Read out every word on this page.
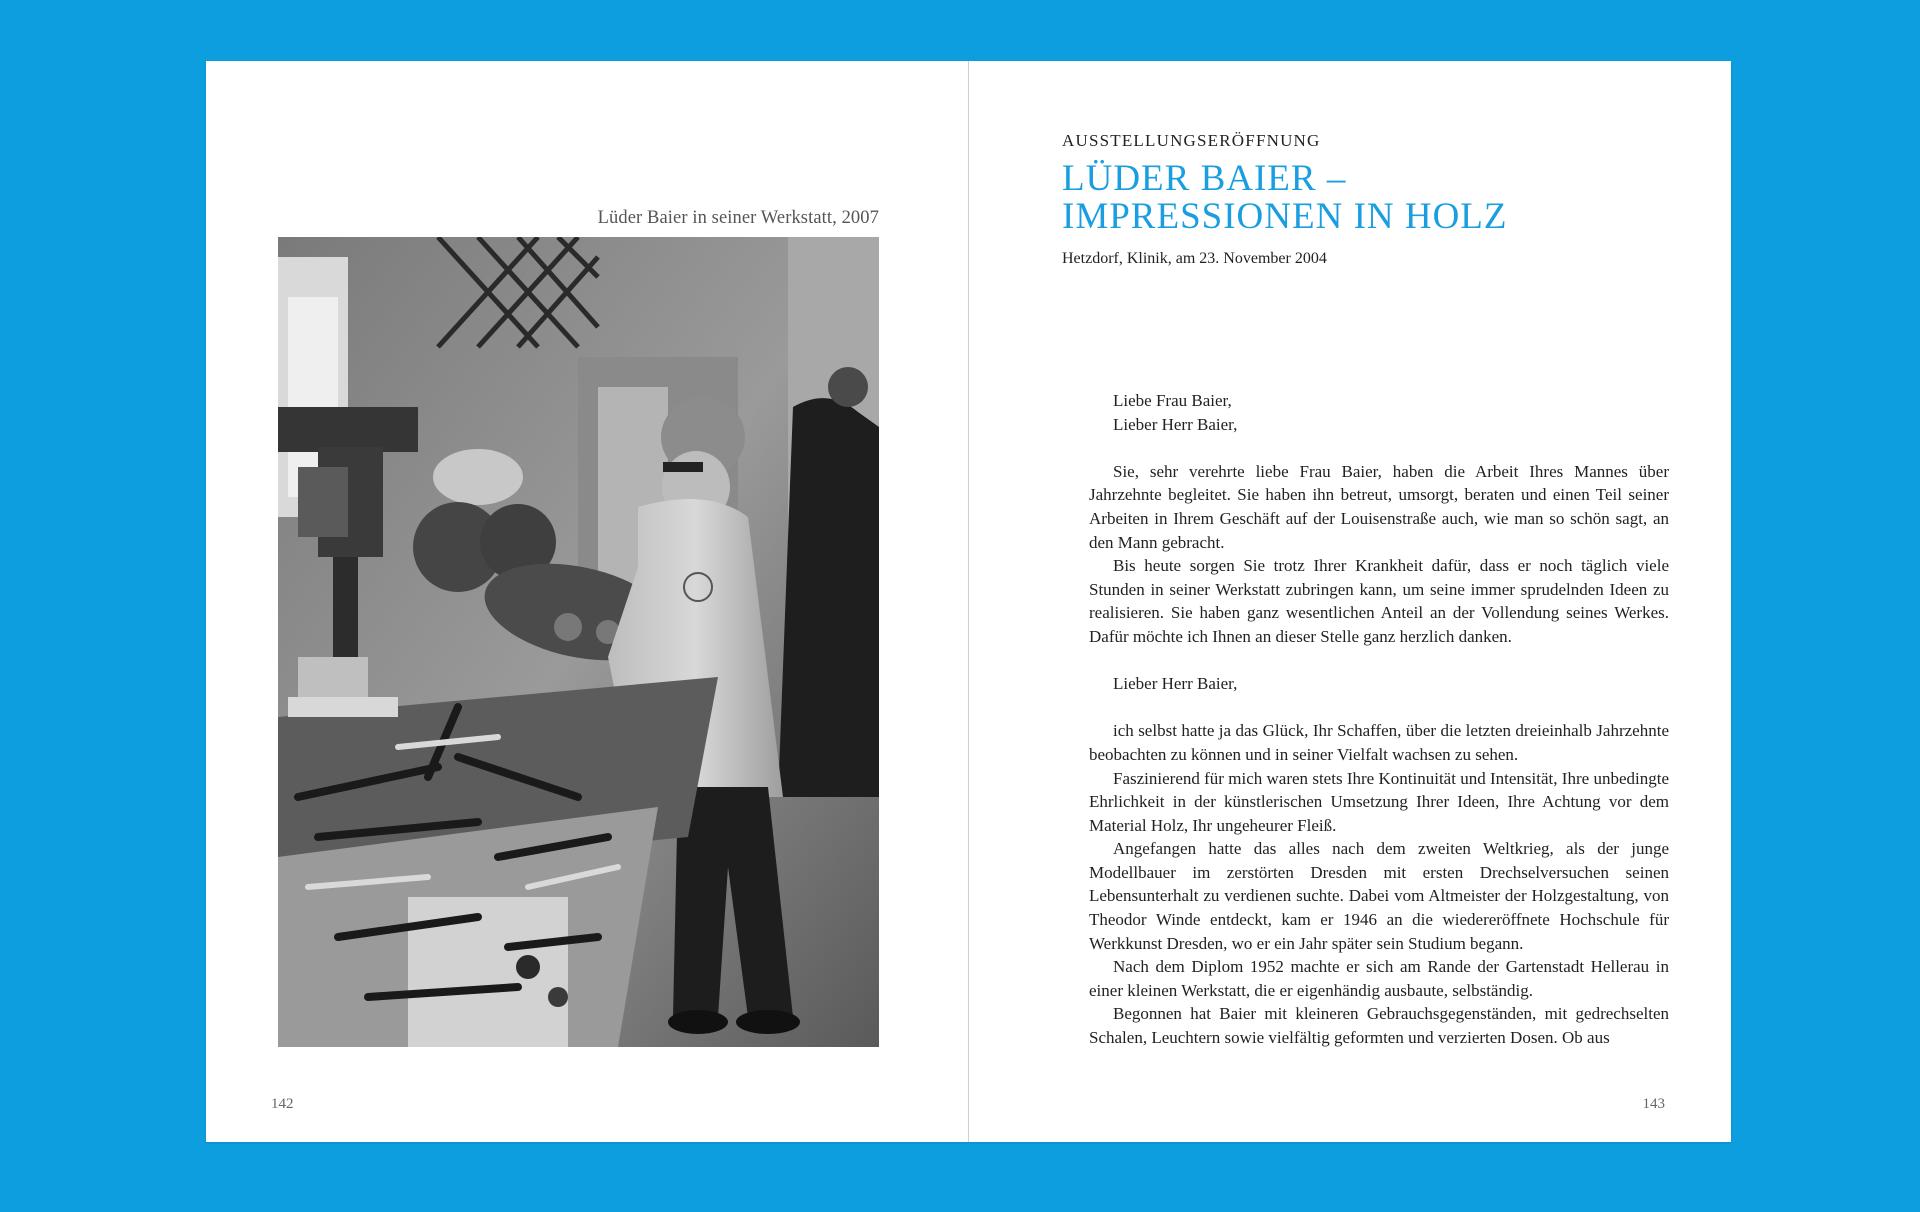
Lüder Baier in seiner Werkstatt, 2007
142
AUSSTELLUNGSERÖFFNUNG
LÜDER BAIER –
IMPRESSIONEN IN HOLZ
Hetzdorf, Klinik, am 23. November 2004

Liebe Frau Baier,

Lieber Herr Baier,

Sie, sehr verehrte liebe Frau Baier, haben die Arbeit Ihres Mannes über Jahrzehnte begleitet. Sie haben ihn betreut, umsorgt, beraten und einen Teil seiner Arbeiten in Ihrem Geschäft auf der Louisenstraße auch, wie man so schön sagt, an den Mann gebracht.

Bis heute sorgen Sie trotz Ihrer Krankheit dafür, dass er noch täglich viele Stunden in seiner Werkstatt zubringen kann, um seine immer sprudelnden Ideen zu realisieren. Sie haben ganz wesentlichen Anteil an der Vollendung seines Werkes. Dafür möchte ich Ihnen an dieser Stelle ganz herzlich danken.

Lieber Herr Baier,

ich selbst hatte ja das Glück, Ihr Schaffen, über die letzten dreieinhalb Jahrzehnte beobachten zu können und in seiner Vielfalt wachsen zu sehen.

Faszinierend für mich waren stets Ihre Kontinuität und Intensität, Ihre unbedingte Ehrlichkeit in der künstlerischen Umsetzung Ihrer Ideen, Ihre Achtung vor dem Material Holz, Ihr ungeheurer Fleiß.

Angefangen hatte das alles nach dem zweiten Weltkrieg, als der junge Modellbauer im zerstörten Dresden mit ersten Drechselversuchen seinen Lebensunterhalt zu verdienen suchte. Dabei vom Altmeister der Holzgestaltung, von Theodor Winde entdeckt, kam er 1946 an die wiedereröffnete Hochschule für Werkkunst Dresden, wo er ein Jahr später sein Studium begann.

Nach dem Diplom 1952 machte er sich am Rande der Gartenstadt Hellerau in einer kleinen Werkstatt, die er eigenhändig ausbaute, selbständig.

Begonnen hat Baier mit kleineren Gebrauchsgegenständen, mit gedrechselten Schalen, Leuchtern sowie vielfältig geformten und verzierten Dosen. Ob aus

143
